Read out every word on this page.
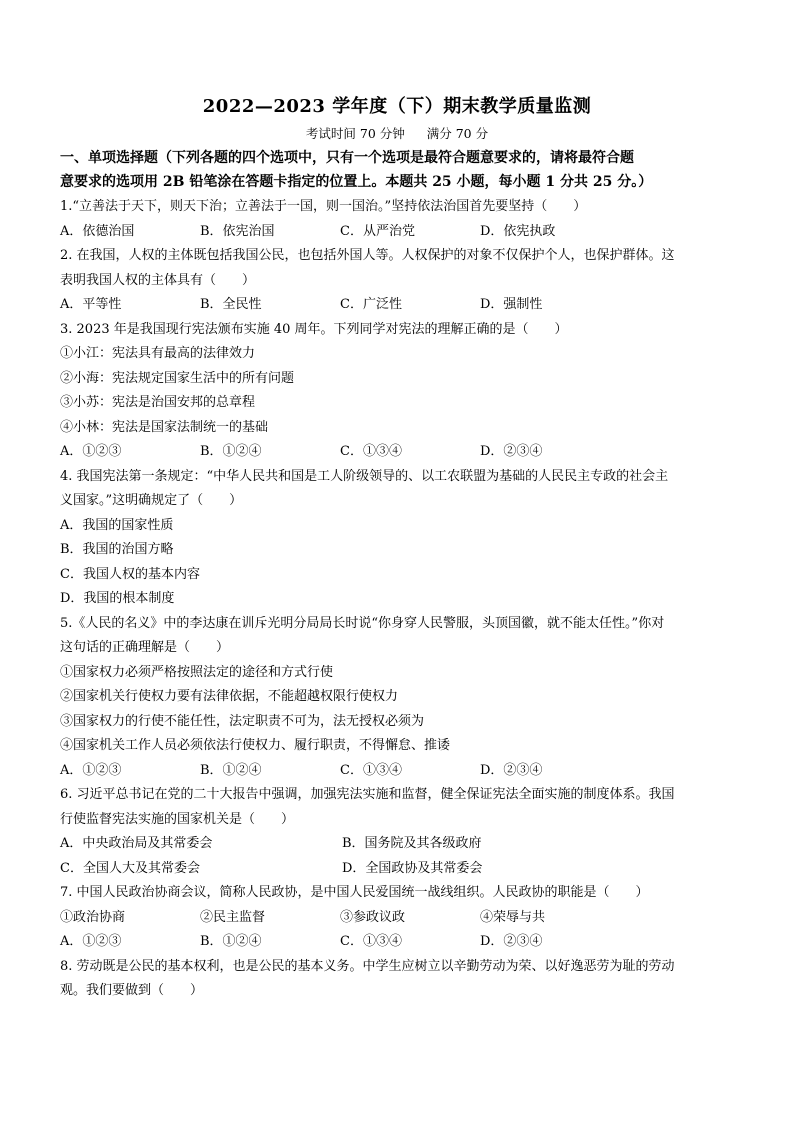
2022—2023 学年度（下）期末教学质量监测
考试时间 70 分钟 满分 70 分
一、单项选择题（下列各题的四个选项中，只有一个选项是最符合题意要求的，请将最符合题
意要求的选项用 2B 铅笔涂在答题卡指定的位置上。本题共 25 小题，每小题 1 分共 25 分。）
1.“立善法于天下，则天下治；立善法于一国，则一国治。”坚持依法治国首先要坚持（　　）
A．依德治国	B．依宪治国	C．从严治党	D．依宪执政
2. 在我国，人权的主体既包括我国公民，也包括外国人等。人权保护的对象不仅保护个人，也保护群体。这
表明我国人权的主体具有（　　）
A．平等性	B．全民性	C．广泛性	D．强制性
3. 2023 年是我国现行宪法颁布实施 40 周年。下列同学对宪法的理解正确的是（　　）
①小江：宪法具有最高的法律效力
②小海：宪法规定国家生活中的所有问题
③小苏：宪法是治国安邦的总章程
④小林：宪法是国家法制统一的基础
A．①②③	B．①②④	C．①③④	D．②③④
4. 我国宪法第一条规定：“中华人民共和国是工人阶级领导的、以工农联盟为基础的人民民主专政的社会主
义国家。”这明确规定了（　　）
A．我国的国家性质
B．我国的治国方略
C．我国人权的基本内容
D．我国的根本制度
5.《人民的名义》中的李达康在训斥光明分局局长时说“你身穿人民警服，头顶国徽，就不能太任性。”你对
这句话的正确理解是（　　）
①国家权力必须严格按照法定的途径和方式行使
②国家机关行使权力要有法律依据，不能超越权限行使权力
③国家权力的行使不能任性，法定职责不可为，法无授权必须为
④国家机关工作人员必须依法行使权力、履行职责，不得懈怠、推诿
A．①②③	B．①②④	C．①③④	D．②③④
6. 习近平总书记在党的二十大报告中强调，加强宪法实施和监督，健全保证宪法全面实施的制度体系。我国
行使监督宪法实施的国家机关是（　　）
A．中央政治局及其常委会	B．国务院及其各级政府
C．全国人大及其常委会	D．全国政协及其常委会
7. 中国人民政治协商会议，简称人民政协，是中国人民爱国统一战线组织。人民政协的职能是（　　）
①政治协商	②民主监督	③参政议政	④荣辱与共
A．①②③	B．①②④	C．①③④	D．②③④
8. 劳动既是公民的基本权利，也是公民的基本义务。中学生应树立以辛勤劳动为荣、以好逸恶劳为耻的劳动
观。我们要做到（　　）
